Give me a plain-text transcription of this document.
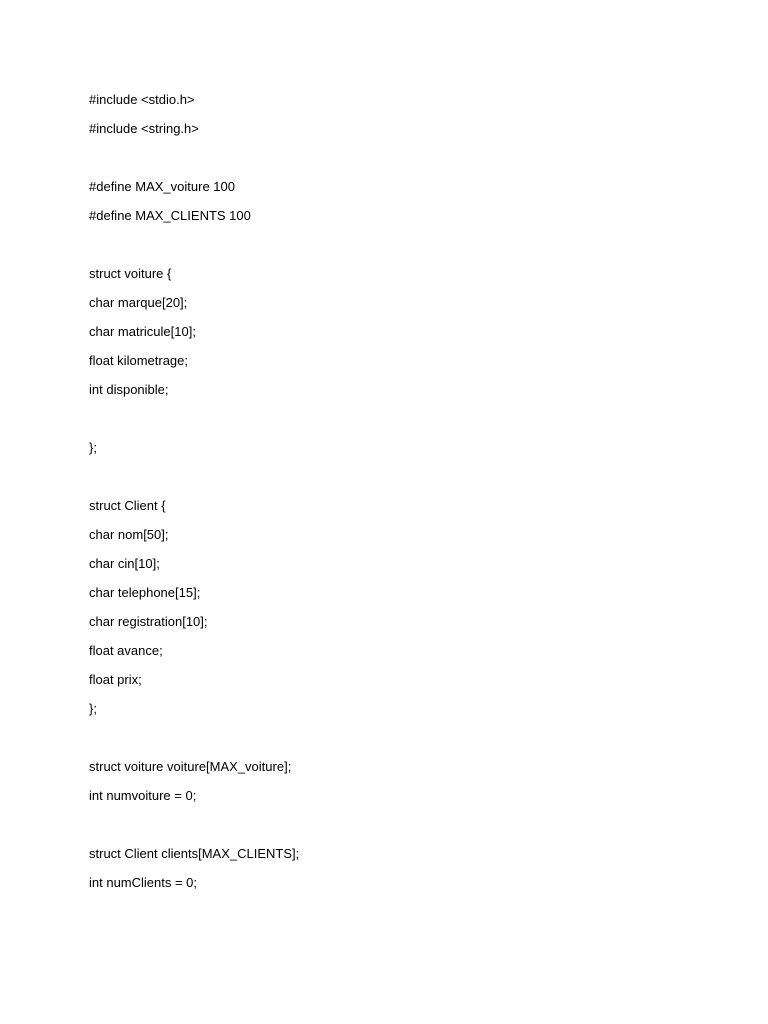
#include <stdio.h>
#include <string.h>
#define MAX_voiture 100
#define MAX_CLIENTS 100
struct voiture {
char marque[20];
char matricule[10];
float kilometrage;
int disponible;
};
struct Client {
char nom[50];
char cin[10];
char telephone[15];
char registration[10];
float avance;
float prix;
};
struct voiture voiture[MAX_voiture];
int numvoiture = 0;
struct Client clients[MAX_CLIENTS];
int numClients = 0;
